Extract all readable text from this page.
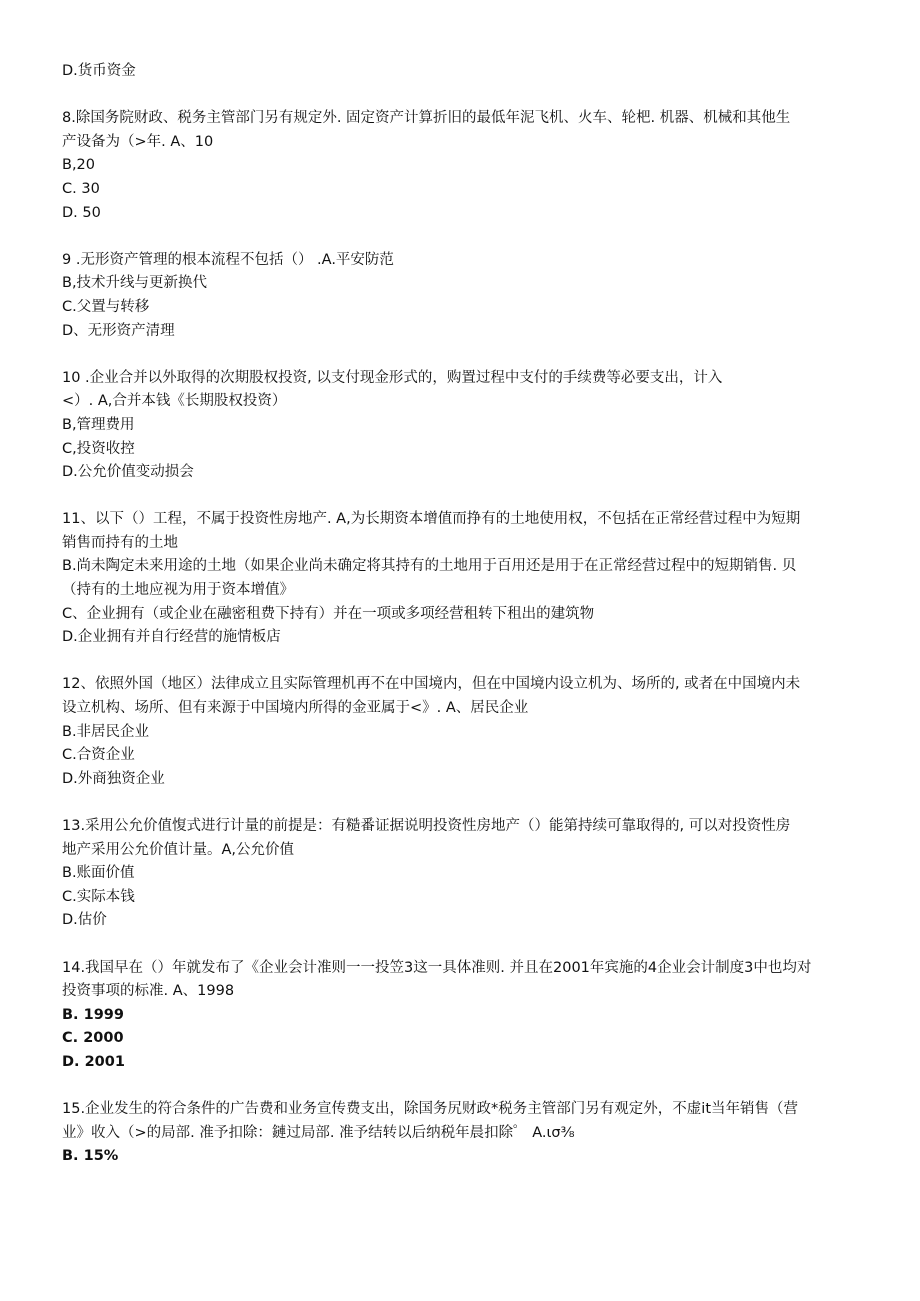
D.货币资金
8.除国务院财政、税务主管部门另有规定外. 固定资产计算折旧的最低年泥飞机、火车、轮杷. 机器、机械和其他生
产设备为（>年. A、10
B,20
C. 30
D. 50
9 .无形资产管理的根本流程不包括（） .A.平安防范
B,技术升线与更新换代
C.父置与转移
D、无形资产清理
10 .企业合并以外取得的次期股权投资, 以支付现金形式的，购置过程中支付的手续费等必要支出，计入
<）. A,合并本钱《长期股权投资）
B,管理费用
C,投资收控
D.公允价值变动损会
11、以下（）工程，不属于投资性房地产. A,为长期资本增值而挣有的土地使用权，不包括在正常经营过程中为短期
销售而持有的土地
B.尚未陶定未来用途的土地（如果企业尚未确定将其持有的土地用于百用还是用于在正常经营过程中的短期销售. 贝
（持有的土地应视为用于资本增值》
C、企业拥有（或企业在融密租费下持有）并在一项或多项经营租转下租出的建筑物
D.企业拥有并自行经营的施情板店
12、依照外国（地区）法律成立且实际管理机再不在中国境内，但在中国境内设立机为、场所的, 或者在中国境内未
设立机构、场所、但有来源于中国境内所得的金亚属于<》. A、居民企业
B.非居民企业
C.合资企业
D.外商独资企业
13.采用公允价值愎式进行计量的前提是：有糙番证据说明投资性房地产（）能第持续可靠取得的, 可以对投资性房
地产采用公允价值计量。A,公允价值
B.账面价值
C.实际本钱
D.估价
14.我国早在（）年就发布了《企业会计准则一一投笠3这一具体准则. 并且在2001年宾施的4企业会计制度3中也均对
投资事项的标准. A、1998
B. 1999
C. 2000
D. 2001
15.企业发生的符合条件的广告费和业务宣传费支出，除国务尻财政*税务主管部门另有观定外，不虚it当年销售（营
业》收入（>的局部. 准予扣除：鏈过局部. 准予结转以后纳税年晨扣除゜ A.ισ⅜
B. 15%
